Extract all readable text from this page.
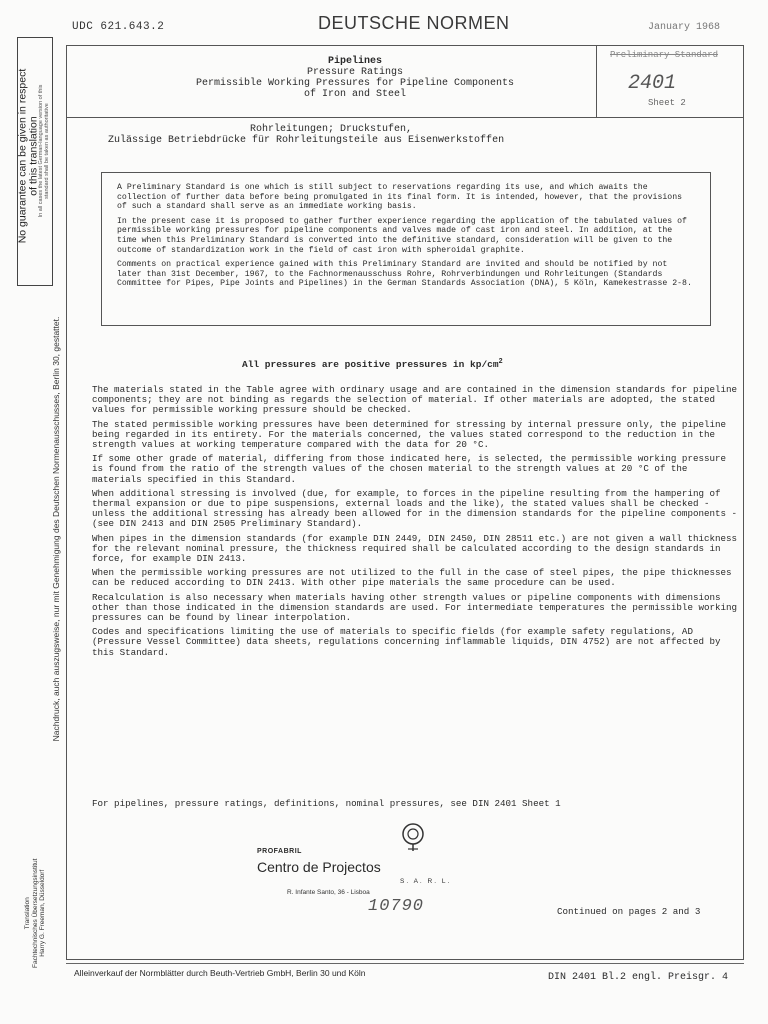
UDC 621.643.2	DEUTSCHE NORMEN	January 1968
Preliminary Standard
2401
Sheet 2
Pipelines
Pressure Ratings
Permissible Working Pressures for Pipeline Components
of Iron and Steel
Rohrleitungen; Druckstufen,
Zulässige Betriebdrücke für Rohrleitungsteile aus Eisenwerkstoffen

A Preliminary Standard is one which is still subject to reservations regarding its use, and which awaits the collection of further data before being promulgated in its final form. It is intended, however, that the provisions of such a standard shall serve as an immediate working basis.

In the present case it is proposed to gather further experience regarding the application of the tabulated values of permissible working pressures for pipeline components and valves made of cast iron and steel. In addition, at the time when this Preliminary Standard is converted into the definitive standard, consideration will be given to the outcome of standardization work in the field of cast iron with spheroidal graphite.

Comments on practical experience gained with this Preliminary Standard are invited and should be notified by not later than 31st December, 1967, to the Fachnormenausschuss Rohre, Rohrverbindungen und Rohrleitungen (Standards Committee for Pipes, Pipe Joints and Pipelines) in the German Standards Association (DNA), 5 Köln, Kamekestrasse 2-8.

No guarantee can be given in respect of this translation
In all cases the latest German-language version of this standard shall be taken as authoritative
Nachdruck, auch auszugsweise, nur mit Genehmigung des Deutschen Normenausschusses, Berlin 30, gestattet.
Translation Fachtechnisches Übersetzungsinstitut Harry G. Freeman, Düsseldorf
All pressures are positive pressures in $kp/cm^2$

The materials stated in the Table agree with ordinary usage and are contained in the dimension standards for pipeline components; they are not binding as regards the selection of material. If other materials are adopted, the stated values for permissible working pressure should be checked.

The stated permissible working pressures have been determined for stressing by internal pressure only, the pipeline being regarded in its entirety. For the materials concerned, the values stated correspond to the reduction in the strength values at working temperature compared with the data for 20 °C.

If some other grade of material, differing from those indicated here, is selected, the permissible working pressure is found from the ratio of the strength values of the chosen material to the strength values at 20 °C of the materials specified in this Standard.

When additional stressing is involved (due, for example, to forces in the pipeline resulting from the hampering of thermal expansion or due to pipe suspensions, external loads and the like), the stated values shall be checked - unless the additional stressing has already been allowed for in the dimension standards for the pipeline components - (see DIN 2413 and DIN 2505 Preliminary Standard).

When pipes in the dimension standards (for example DIN 2449, DIN 2450, DIN 28511 etc.) are not given a wall thickness for the relevant nominal pressure, the thickness required shall be calculated according to the design standards in force, for example DIN 2413.

When the permissible working pressures are not utilized to the full in the case of steel pipes, the pipe thicknesses can be reduced according to DIN 2413. With other pipe materials the same procedure can be used.

Recalculation is also necessary when materials having other strength values or pipeline components with dimensions other than those indicated in the dimension standards are used. For intermediate temperatures the permissible working pressures can be found by linear interpolation.

Codes and specifications limiting the use of materials to specific fields (for example safety regulations, AD (Pressure Vessel Committee) data sheets, regulations concerning inflammable liquids, DIN 4752) are not affected by this Standard.

For pipelines, pressure ratings, definitions, nominal pressures, see DIN 2401 Sheet 1
PROFABRIL
Centro de Projectos
S. A. R. L.
R. Infante Santo, 36 - Lisboa
10790	Continued on pages 2 and 3
Alleinverkauf der Normblätter durch Beuth-Vertrieb GmbH, Berlin 30 und Köln	DIN 2401 Bl.2 engl. Preisgr. 4
